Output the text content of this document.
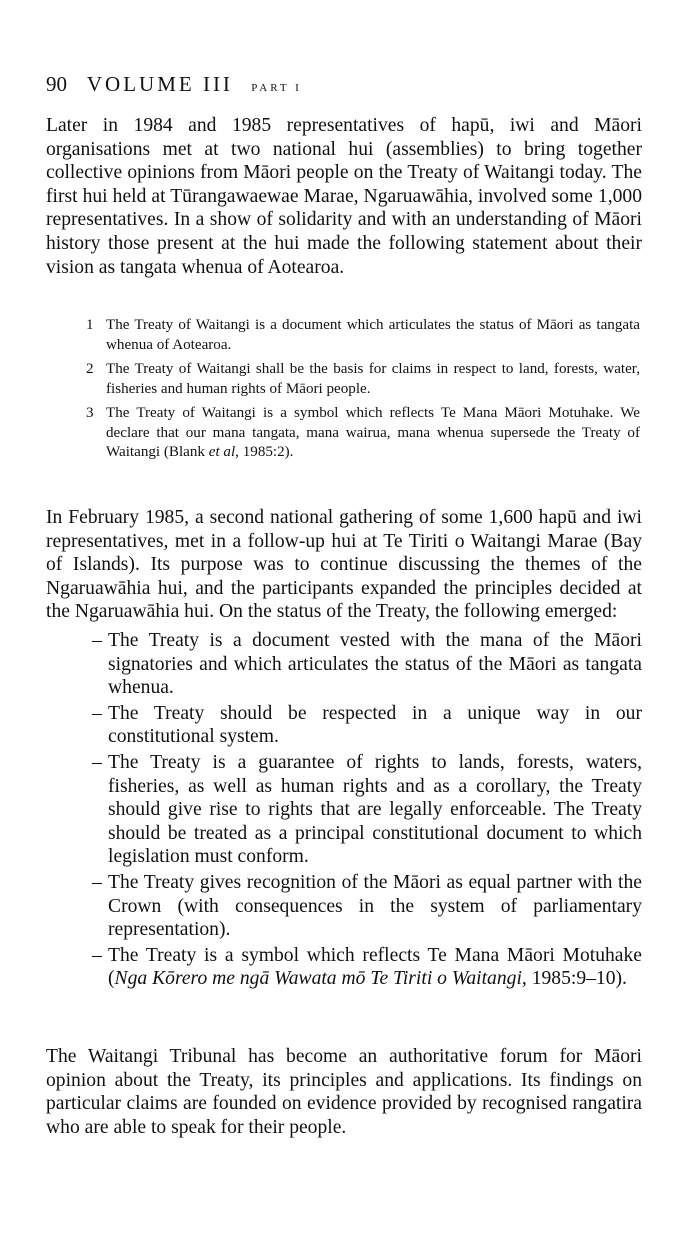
90 VOLUME III PART I

Later in 1984 and 1985 representatives of hapū, iwi and Māori organisations met at two national hui (assemblies) to bring together collective opinions from Māori people on the Treaty of Waitangi today. The first hui held at Tūrangawaewae Marae, Ngaruawāhia, involved some 1,000 representatives. In a show of solidarity and with an understanding of Māori history those present at the hui made the following statement about their vision as tangata whenua of Aotearoa.

1 The Treaty of Waitangi is a document which articulates the status of Māori as tangata whenua of Aotearoa.
2 The Treaty of Waitangi shall be the basis for claims in respect to land, forests, water, fisheries and human rights of Māori people.
3 The Treaty of Waitangi is a symbol which reflects Te Mana Māori Motuhake. We declare that our mana tangata, mana wairua, mana whenua supersede the Treaty of Waitangi (Blank et al, 1985:2).

In February 1985, a second national gathering of some 1,600 hapū and iwi representatives, met in a follow-up hui at Te Tiriti o Waitangi Marae (Bay of Islands). Its purpose was to continue discussing the themes of the Ngaruawāhia hui, and the participants expanded the principles decided at the Ngaruawāhia hui. On the status of the Treaty, the following emerged:

– The Treaty is a document vested with the mana of the Māori signatories and which articulates the status of the Māori as tangata whenua.
– The Treaty should be respected in a unique way in our constitutional system.
– The Treaty is a guarantee of rights to lands, forests, waters, fisheries, as well as human rights and as a corollary, the Treaty should give rise to rights that are legally enforceable. The Treaty should be treated as a principal constitutional document to which legislation must conform.
– The Treaty gives recognition of the Māori as equal partner with the Crown (with consequences in the system of parliamentary representation).
– The Treaty is a symbol which reflects Te Mana Māori Motuhake (Nga Kōrero me ngā Wawata mō Te Tiriti o Waitangi, 1985:9–10).

The Waitangi Tribunal has become an authoritative forum for Māori opinion about the Treaty, its principles and applications. Its findings on particular claims are founded on evidence provided by recognised rangatira who are able to speak for their people.
